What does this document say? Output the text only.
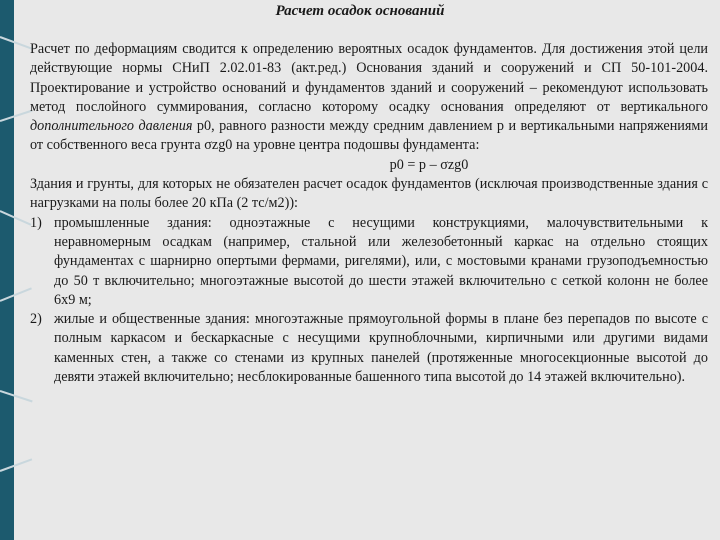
Расчет осадок оснований

Расчет по деформациям сводится к определению вероятных осадок фундаментов. Для достижения этой цели действующие нормы СНиП 2.02.01-83 (акт.ред.) Основания зданий и сооружений и СП 50-101-2004. Проектирование и устройство оснований и фундаментов зданий и сооружений – рекомендуют использовать метод послойного суммирования, согласно которому осадку основания определяют от вертикального дополнительного давления р0, равного разности между средним давлением p и вертикальными напряжениями от собственного веса грунта σzg0 на уровне центра подошвы фундамента:

р0 = р – σzg0

Здания и грунты, для которых не обязателен расчет осадок фундаментов (исключая производственные здания с нагрузками на полы более 20 кПа (2 тс/м2)):

1) промышленные здания: одноэтажные с несущими конструкциями, малочувствительными к неравномерным осадкам (например, стальной или железобетонный каркас на отдельно стоящих фундаментах с шарнирно опертыми фермами, ригелями), или, с мостовыми кранами грузоподъемностью до 50 т включительно; многоэтажные высотой до шести этажей включительно с сеткой колонн не более 6х9 м;
2) жилые и общественные здания: многоэтажные прямоугольной формы в плане без перепадов по высоте с полным каркасом и бескаркасные с несущими крупноблочными, кирпичными или другими видами каменных стен, а также со стенами из крупных панелей (протяженные многосекционные высотой до девяти этажей включительно; несблокированные башенного типа высотой до 14 этажей включительно).
